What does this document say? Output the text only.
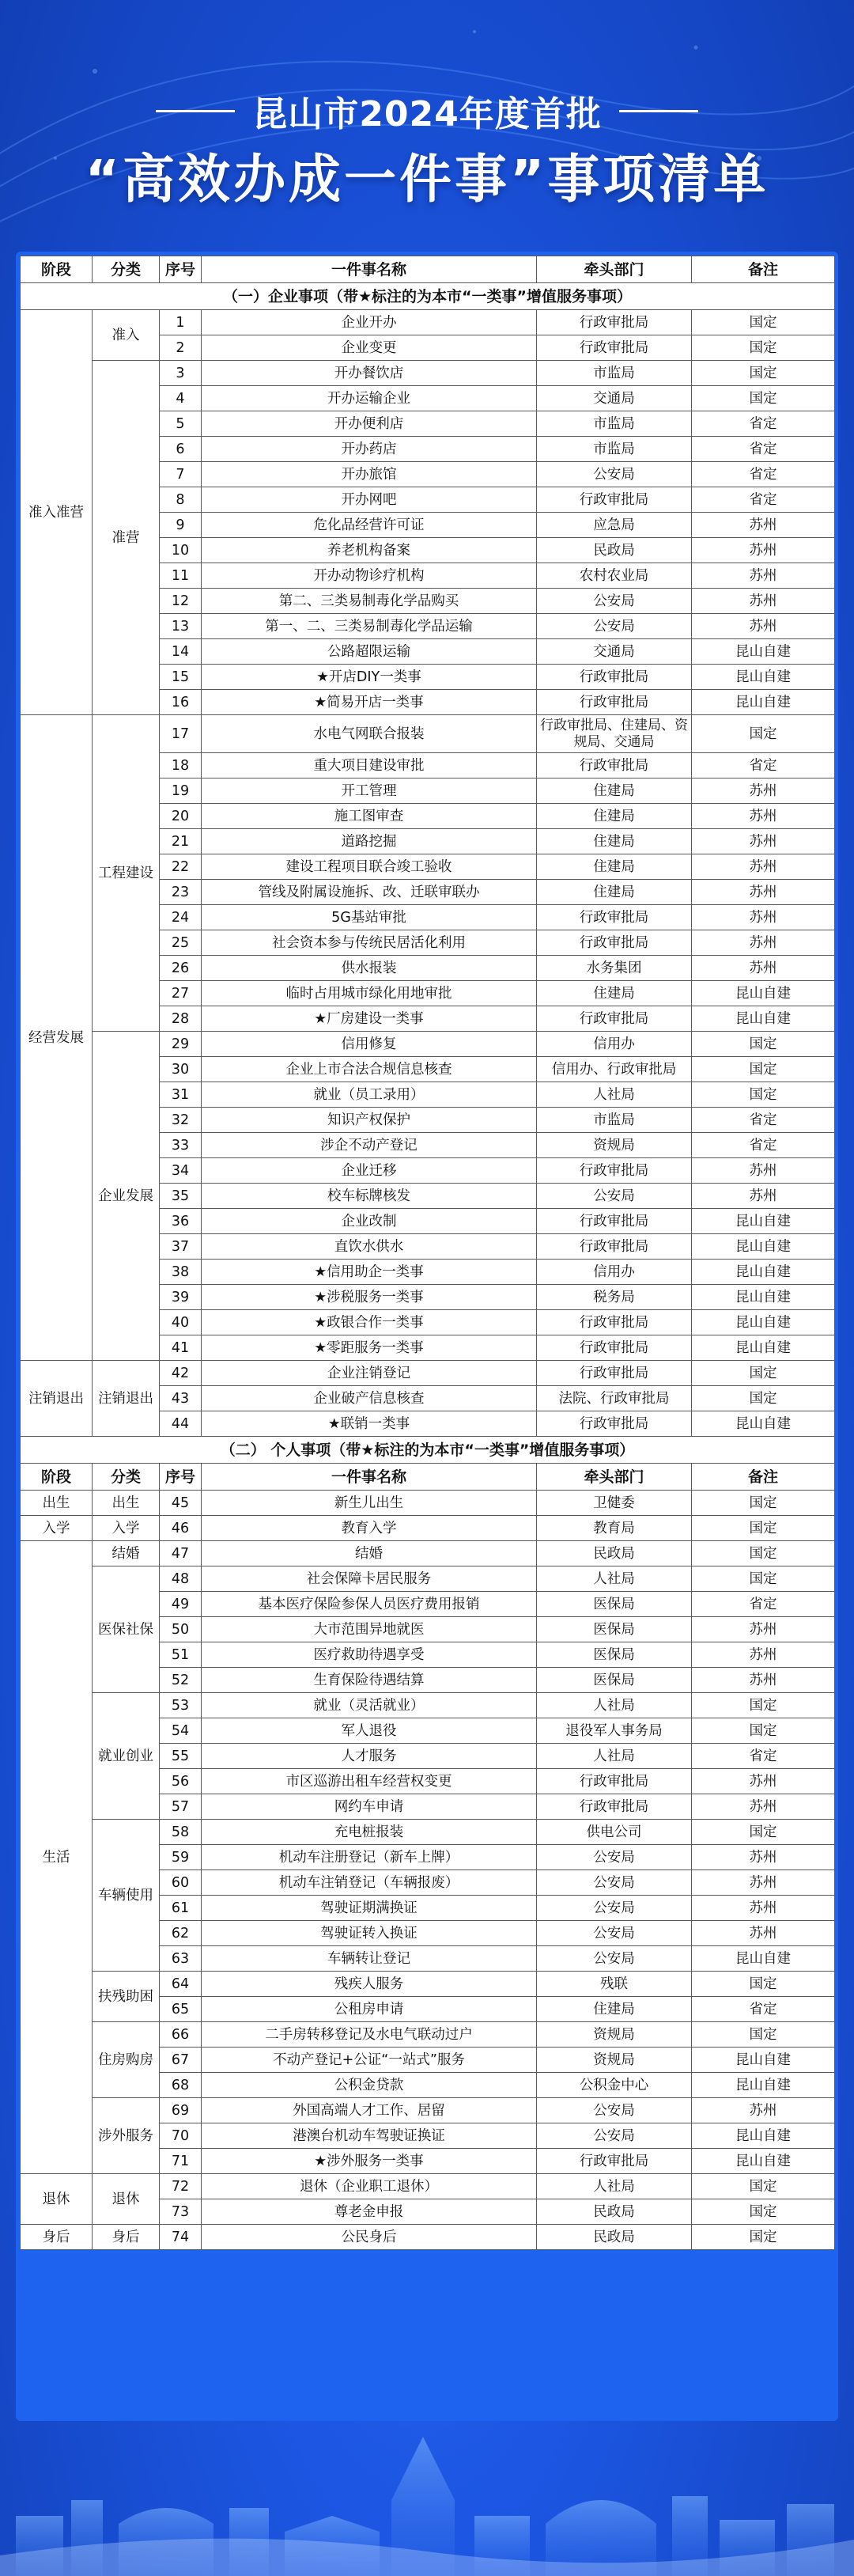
昆山市2024年度首批
“高效办成一件事”事项清单
阶段	分类	序号	一件事名称	牵头部门	备注
（一）企业事项（带★标注的为本市“一类事”增值服务事项）					
准入准营	准入	1	企业开办	行政审批局	国定
		2	企业变更	行政审批局	国定
	准营	3	开办餐饮店	市监局	国定
		4	开办运输企业	交通局	国定
		5	开办便利店	市监局	省定
		6	开办药店	市监局	省定
		7	开办旅馆	公安局	省定
		8	开办网吧	行政审批局	省定
		9	危化品经营许可证	应急局	苏州
		10	养老机构备案	民政局	苏州
		11	开办动物诊疗机构	农村农业局	苏州
		12	第二、三类易制毒化学品购买	公安局	苏州
		13	第一、二、三类易制毒化学品运输	公安局	苏州
		14	公路超限运输	交通局	昆山自建
		15	★开店DIY一类事	行政审批局	昆山自建
		16	★简易开店一类事	行政审批局	昆山自建
经营发展	工程建设	17	水电气网联合报装	行政审批局、住建局、资规局、交通局	国定
		18	重大项目建设审批	行政审批局	省定
		19	开工管理	住建局	苏州
		20	施工图审查	住建局	苏州
		21	道路挖掘	住建局	苏州
		22	建设工程项目联合竣工验收	住建局	苏州
		23	管线及附属设施拆、改、迁联审联办	住建局	苏州
		24	5G基站审批	行政审批局	苏州
		25	社会资本参与传统民居活化利用	行政审批局	苏州
		26	供水报装	水务集团	苏州
		27	临时占用城市绿化用地审批	住建局	昆山自建
		28	★厂房建设一类事	行政审批局	昆山自建
	企业发展	29	信用修复	信用办	国定
		30	企业上市合法合规信息核查	信用办、行政审批局	国定
		31	就业（员工录用）	人社局	国定
		32	知识产权保护	市监局	省定
		33	涉企不动产登记	资规局	省定
		34	企业迁移	行政审批局	苏州
		35	校车标牌核发	公安局	苏州
		36	企业改制	行政审批局	昆山自建
		37	直饮水供水	行政审批局	昆山自建
		38	★信用助企一类事	信用办	昆山自建
		39	★涉税服务一类事	税务局	昆山自建
		40	★政银合作一类事	行政审批局	昆山自建
		41	★零距服务一类事	行政审批局	昆山自建
注销退出	注销退出	42	企业注销登记	行政审批局	国定
		43	企业破产信息核查	法院、行政审批局	国定
		44	★联销一类事	行政审批局	昆山自建
（二） 个人事项（带★标注的为本市“一类事”增值服务事项）					
阶段	分类	序号	一件事名称	牵头部门	备注
出生	出生	45	新生儿出生	卫健委	国定
入学	入学	46	教育入学	教育局	国定
生活	结婚	47	结婚	民政局	国定
	医保社保	48	社会保障卡居民服务	人社局	国定
		49	基本医疗保险参保人员医疗费用报销	医保局	省定
		50	大市范围异地就医	医保局	苏州
		51	医疗救助待遇享受	医保局	苏州
		52	生育保险待遇结算	医保局	苏州
	就业创业	53	就业（灵活就业）	人社局	国定
		54	军人退役	退役军人事务局	国定
		55	人才服务	人社局	省定
		56	市区巡游出租车经营权变更	行政审批局	苏州
		57	网约车申请	行政审批局	苏州
	车辆使用	58	充电桩报装	供电公司	国定
		59	机动车注册登记（新车上牌）	公安局	苏州
		60	机动车注销登记（车辆报废）	公安局	苏州
		61	驾驶证期满换证	公安局	苏州
		62	驾驶证转入换证	公安局	苏州
		63	车辆转让登记	公安局	昆山自建
	扶残助困	64	残疾人服务	残联	国定
		65	公租房申请	住建局	省定
	住房购房	66	二手房转移登记及水电气联动过户	资规局	国定
		67	不动产登记+公证“一站式”服务	资规局	昆山自建
		68	公积金贷款	公积金中心	昆山自建
	涉外服务	69	外国高端人才工作、居留	公安局	苏州
		70	港澳台机动车驾驶证换证	公安局	昆山自建
		71	★涉外服务一类事	行政审批局	昆山自建
退休	退休	72	退休（企业职工退休）	人社局	国定
		73	尊老金申报	民政局	国定
身后	身后	74	公民身后	民政局	国定
